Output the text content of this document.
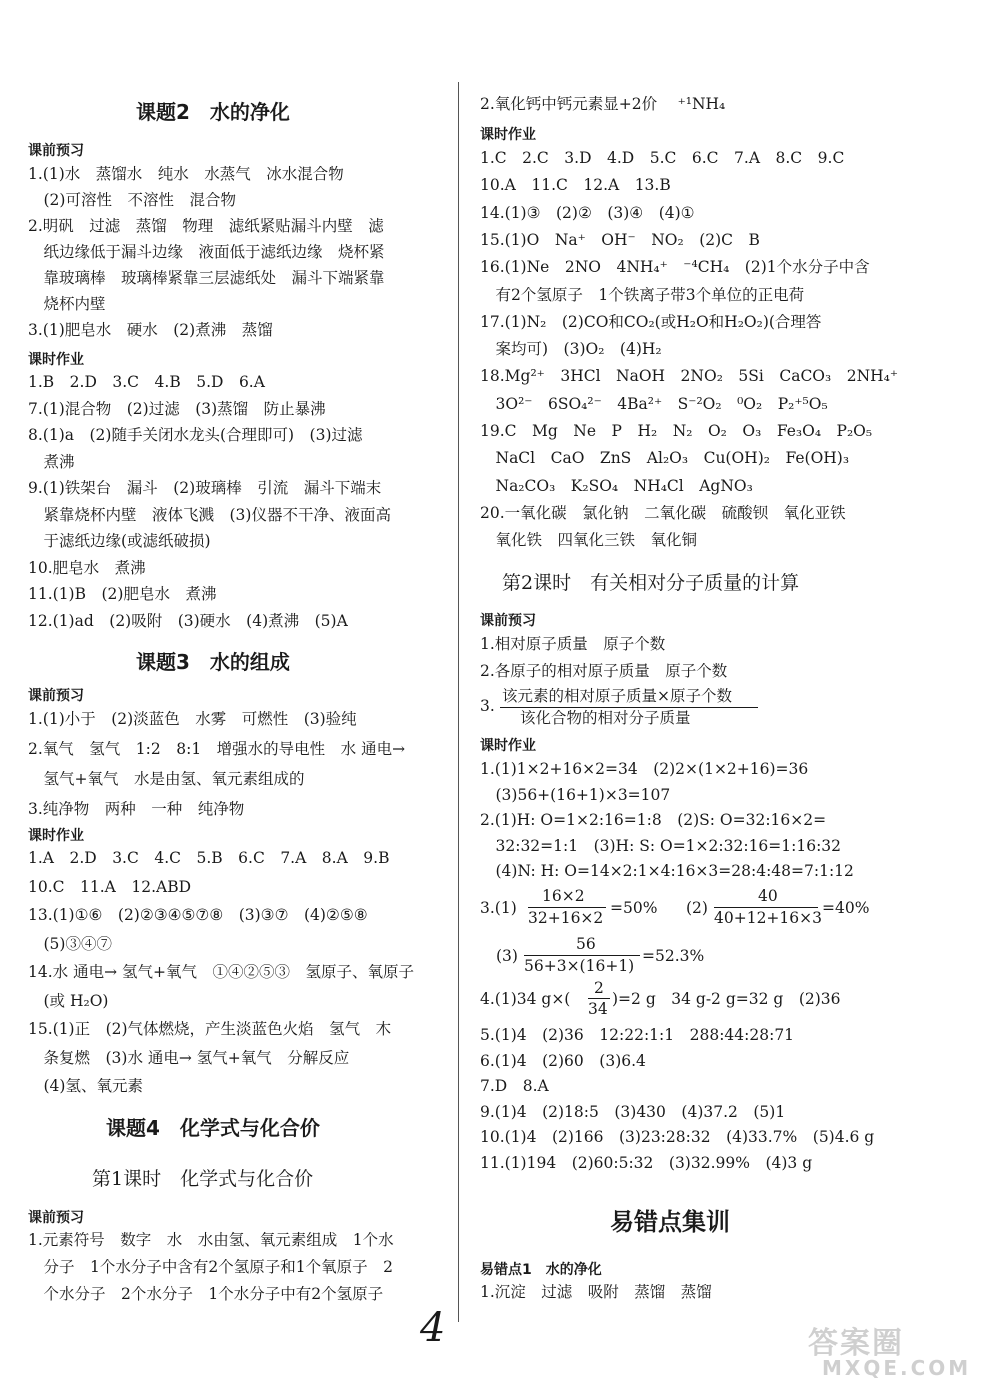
课题2　水的净化
课前预习
1.(1)水　蒸馏水　纯水　水蒸气　冰水混合物
　(2)可溶性　不溶性　混合物
2.明矾　过滤　蒸馏　物理　滤纸紧贴漏斗内壁　滤
　纸边缘低于漏斗边缘　液面低于滤纸边缘　烧杯紧
　靠玻璃棒　玻璃棒紧靠三层滤纸处　漏斗下端紧靠
　烧杯内壁
3.(1)肥皂水　硬水　(2)煮沸　蒸馏
课时作业
1.B　2.D　3.C　4.B　5.D　6.A
7.(1)混合物　(2)过滤　(3)蒸馏　防止暴沸
8.(1)a　(2)随手关闭水龙头(合理即可)　(3)过滤
　煮沸
9.(1)铁架台　漏斗　(2)玻璃棒　引流　漏斗下端末
　紧靠烧杯内壁　液体飞溅　(3)仪器不干净、液面高
　于滤纸边缘(或滤纸破损)
10.肥皂水　煮沸
11.(1)B　(2)肥皂水　煮沸
12.(1)ad　(2)吸附　(3)硬水　(4)煮沸　(5)A
课题3　水的组成
课前预习
1.(1)小于　(2)淡蓝色　水雾　可燃性　(3)验纯
2.氧气　氢气　1:2　8:1　增强水的导电性　水 通电→
　氢气+氧气　水是由氢、氧元素组成的
3.纯净物　两种　一种　纯净物
课时作业
1.A　2.D　3.C　4.C　5.B　6.C　7.A　8.A　9.B
10.C　11.A　12.ABD
13.(1)①⑥　(2)②③④⑤⑦⑧　(3)③⑦　(4)②⑤⑧
　(5)③④⑦
14.水 通电→ 氢气+氧气　①④②⑤③　氢原子、氧原子
　(或 H₂O)
15.(1)正　(2)气体燃烧，产生淡蓝色火焰　氢气　木
　条复燃　(3)水 通电→ 氢气+氧气　分解反应
　(4)氢、氧元素
课题4　化学式与化合价
第1课时　化学式与化合价
课前预习
1.元素符号　数字　水　水由氢、氧元素组成　1个水
　分子　1个水分子中含有2个氢原子和1个氧原子　2
　个水分子　2个水分子　1个水分子中有2个氢原子
2.氧化钙中钙元素显+2价　 ⁺¹NH₄
课时作业
1.C　2.C　3.D　4.D　5.C　6.C　7.A　8.C　9.C
10.A　11.C　12.A　13.B
14.(1)③　(2)②　(3)④　(4)①
15.(1)O　Na⁺　OH⁻　NO₂　(2)C　B
16.(1)Ne　2NO　4NH₄⁺　⁻⁴CH₄　(2)1个水分子中含
　有2个氢原子　1个铁离子带3个单位的正电荷
17.(1)N₂　(2)CO和CO₂(或H₂O和H₂O₂)(合理答
　案均可)　(3)O₂　(4)H₂
18.Mg²⁺　3HCl　NaOH　2NO₂　5Si　CaCO₃　2NH₄⁺
　3O²⁻　6SO₄²⁻　4Ba²⁺　S⁻²O₂　⁰O₂　P₂⁺⁵O₅
19.C　Mg　Ne　P　H₂　N₂　O₂　O₃　Fe₃O₄　P₂O₅
　NaCl　CaO　ZnS　Al₂O₃　Cu(OH)₂　Fe(OH)₃
　Na₂CO₃　K₂SO₄　NH₄Cl　AgNO₃
20.一氧化碳　氯化钠　二氧化碳　硫酸钡　氧化亚铁
　氧化铁　四氧化三铁　氧化铜
第2课时　有关相对分子质量的计算
课前预习
1.相对原子质量　原子个数
2.各原子的相对原子质量　原子个数
3.
该元素的相对原子质量×原子个数
该化合物的相对分子质量
课时作业
1.(1)1×2+16×2=34　(2)2×(1×2+16)=36
　(3)56+(16+1)×3=107
2.(1)H: O=1×2:16=1:8　(2)S: O=32:16×2=
　32:32=1:1　(3)H: S: O=1×2:32:16=1:16:32
　(4)N: H: O=14×2:1×4:16×3=28:4:48=7:1:12
3.(1)
16×2
32+16×2
=50% (2)
40
40+12+16×3
=40%
(3)
56
56+3×(16+1)
=52.3%
4.(1)34 g×(
2
34
)=2 g　34 g-2 g=32 g　(2)36
5.(1)4　(2)36　12:22:1:1　288:44:28:71
6.(1)4　(2)60　(3)6.4
7.D　8.A
9.(1)4　(2)18:5　(3)430　(4)37.2　(5)1
10.(1)4　(2)166　(3)23:28:32　(4)33.7%　(5)4.6 g
11.(1)194　(2)60:5:32　(3)32.99%　(4)3 g
易错点集训
易错点1　水的净化
1.沉淀　过滤　吸附　蒸馏　蒸馏
4	答案圈
MXQE.COM
